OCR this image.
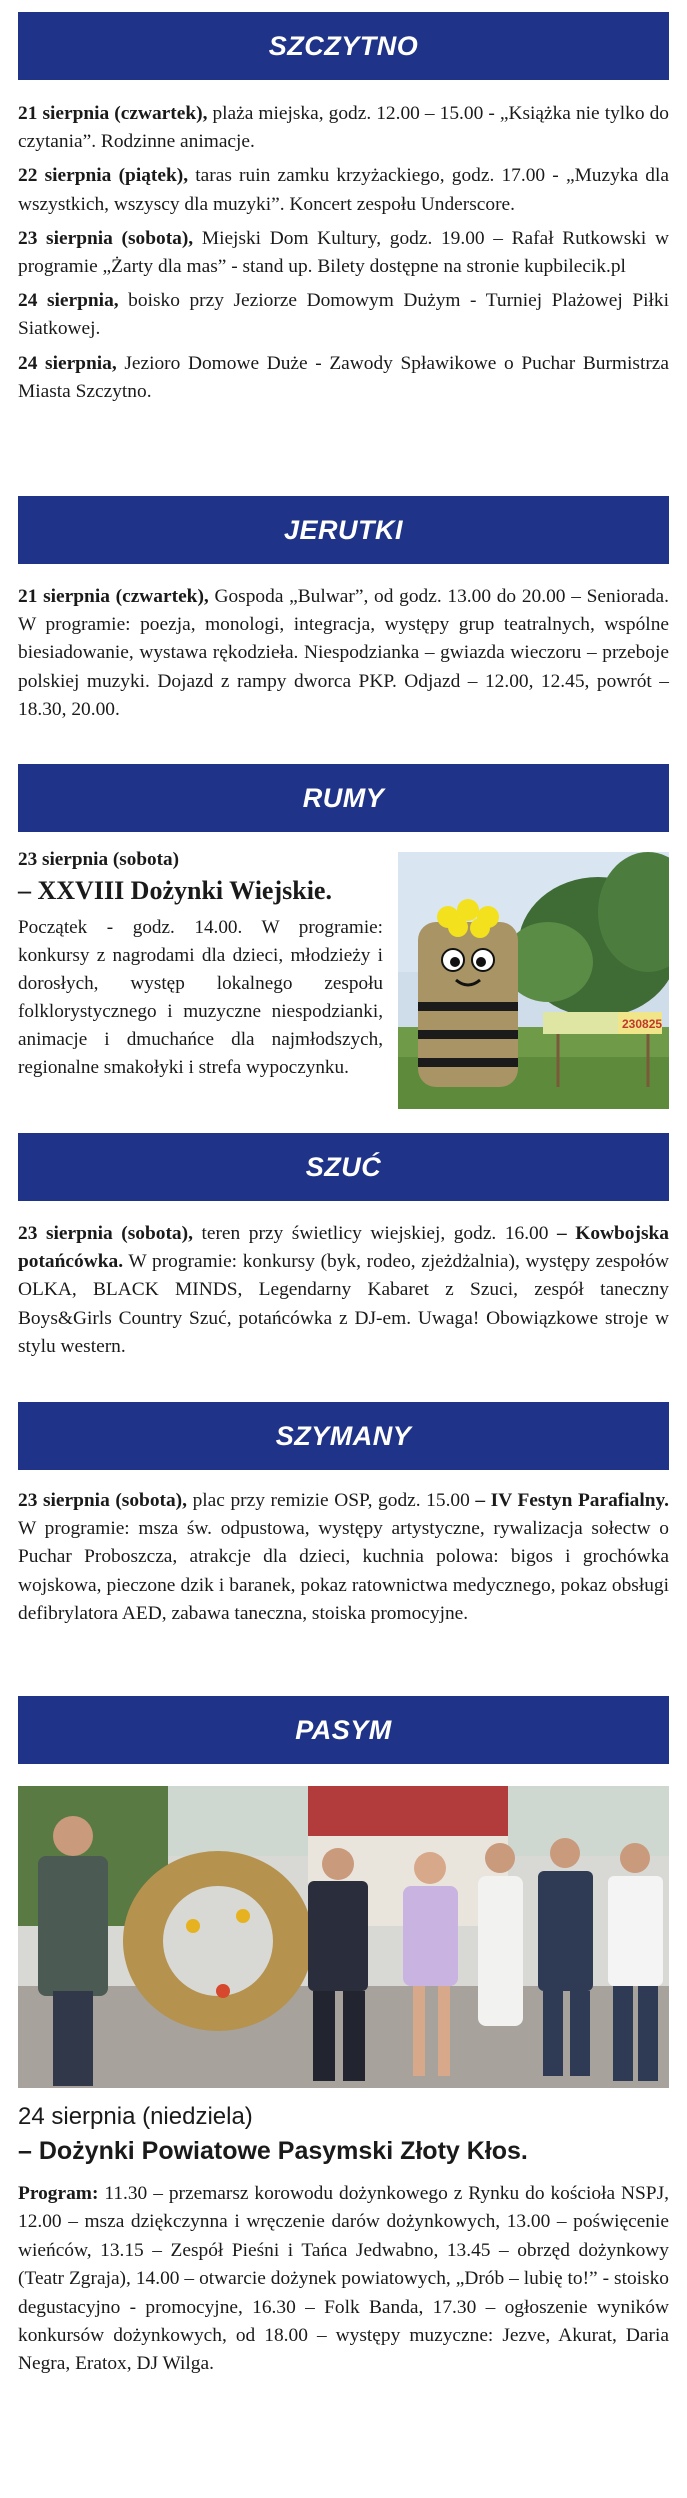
SZCZYTNO

21 sierpnia (czwartek), plaża miejska, godz. 12.00 – 15.00 - „Książka nie tylko do czytania”. Rodzinne animacje.

22 sierpnia (piątek), taras ruin zamku krzyżackiego, godz. 17.00 - „Muzyka dla wszystkich, wszyscy dla muzyki”. Koncert zespołu Underscore.

23 sierpnia (sobota), Miejski Dom Kultury, godz. 19.00 – Rafał Rutkowski w programie „Żarty dla mas” - stand up. Bilety dostępne na stronie kupbilecik.pl

24 sierpnia, boisko przy Jeziorze Domowym Dużym - Turniej Plażowej Piłki Siatkowej.

24 sierpnia, Jezioro Domowe Duże - Zawody Spławikowe o Puchar Burmistrza Miasta Szczytno.

JERUTKI

21 sierpnia (czwartek), Gospoda „Bulwar”, od godz. 13.00 do 20.00 – Seniorada. W programie: poezja, monologi, integracja, występy grup teatralnych, wspólne biesiadowanie, wystawa rękodzieła. Niespodzianka – gwiazda wieczoru – przeboje polskiej muzyki. Dojazd z rampy dworca PKP. Odjazd – 12.00, 12.45, powrót – 18.30, 20.00.

RUMY
23 sierpnia (sobota)
– XXVIII Dożynki Wiejskie.
Początek - godz. 14.00. W programie: konkursy z nagrodami dla dzieci, młodzieży i dorosłych, występ lokalnego zespołu folklorystycznego i muzyczne niespodzianki, animacje i dmuchańce dla najmłodszych, regionalne smakołyki i strefa wypoczynku.
230825
SZUĆ

23 sierpnia (sobota), teren przy świetlicy wiejskiej, godz. 16.00 – Kowbojska potańcówka. W programie: konkursy (byk, rodeo, zjeżdżalnia), występy zespołów OLKA, BLACK MINDS, Legendarny Kabaret z Szuci, zespół taneczny Boys&Girls Country Szuć, potańcówka z DJ-em. Uwaga! Obowiązkowe stroje w stylu western.

SZYMANY

23 sierpnia (sobota), plac przy remizie OSP, godz. 15.00 – IV Festyn Parafialny. W programie: msza św. odpustowa, występy artystyczne, rywalizacja sołectw o Puchar Proboszcza, atrakcje dla dzieci, kuchnia polowa: bigos i grochówka wojskowa, pieczone dzik i baranek, pokaz ratownictwa medycznego, pokaz obsługi defibrylatora AED, zabawa taneczna, stoiska promocyjne.

PASYM
24 sierpnia (niedziela)
– Dożynki Powiatowe Pasymski Złoty Kłos.
Program: 11.30 – przemarsz korowodu dożynkowego z Rynku do kościoła NSPJ, 12.00 – msza dziękczynna i wręczenie darów dożynkowych, 13.00 – poświęcenie wieńców, 13.15 – Zespół Pieśni i Tańca Jedwabno, 13.45 – obrzęd dożynkowy (Teatr Zgraja), 14.00 – otwarcie dożynek powiatowych, „Drób – lubię to!” - stoisko degustacyjno - promocyjne, 16.30 – Folk Banda, 17.30 – ogłoszenie wyników konkursów dożynkowych, od 18.00 – występy muzyczne: Jezve, Akurat, Daria Negra, Eratox, DJ Wilga.
